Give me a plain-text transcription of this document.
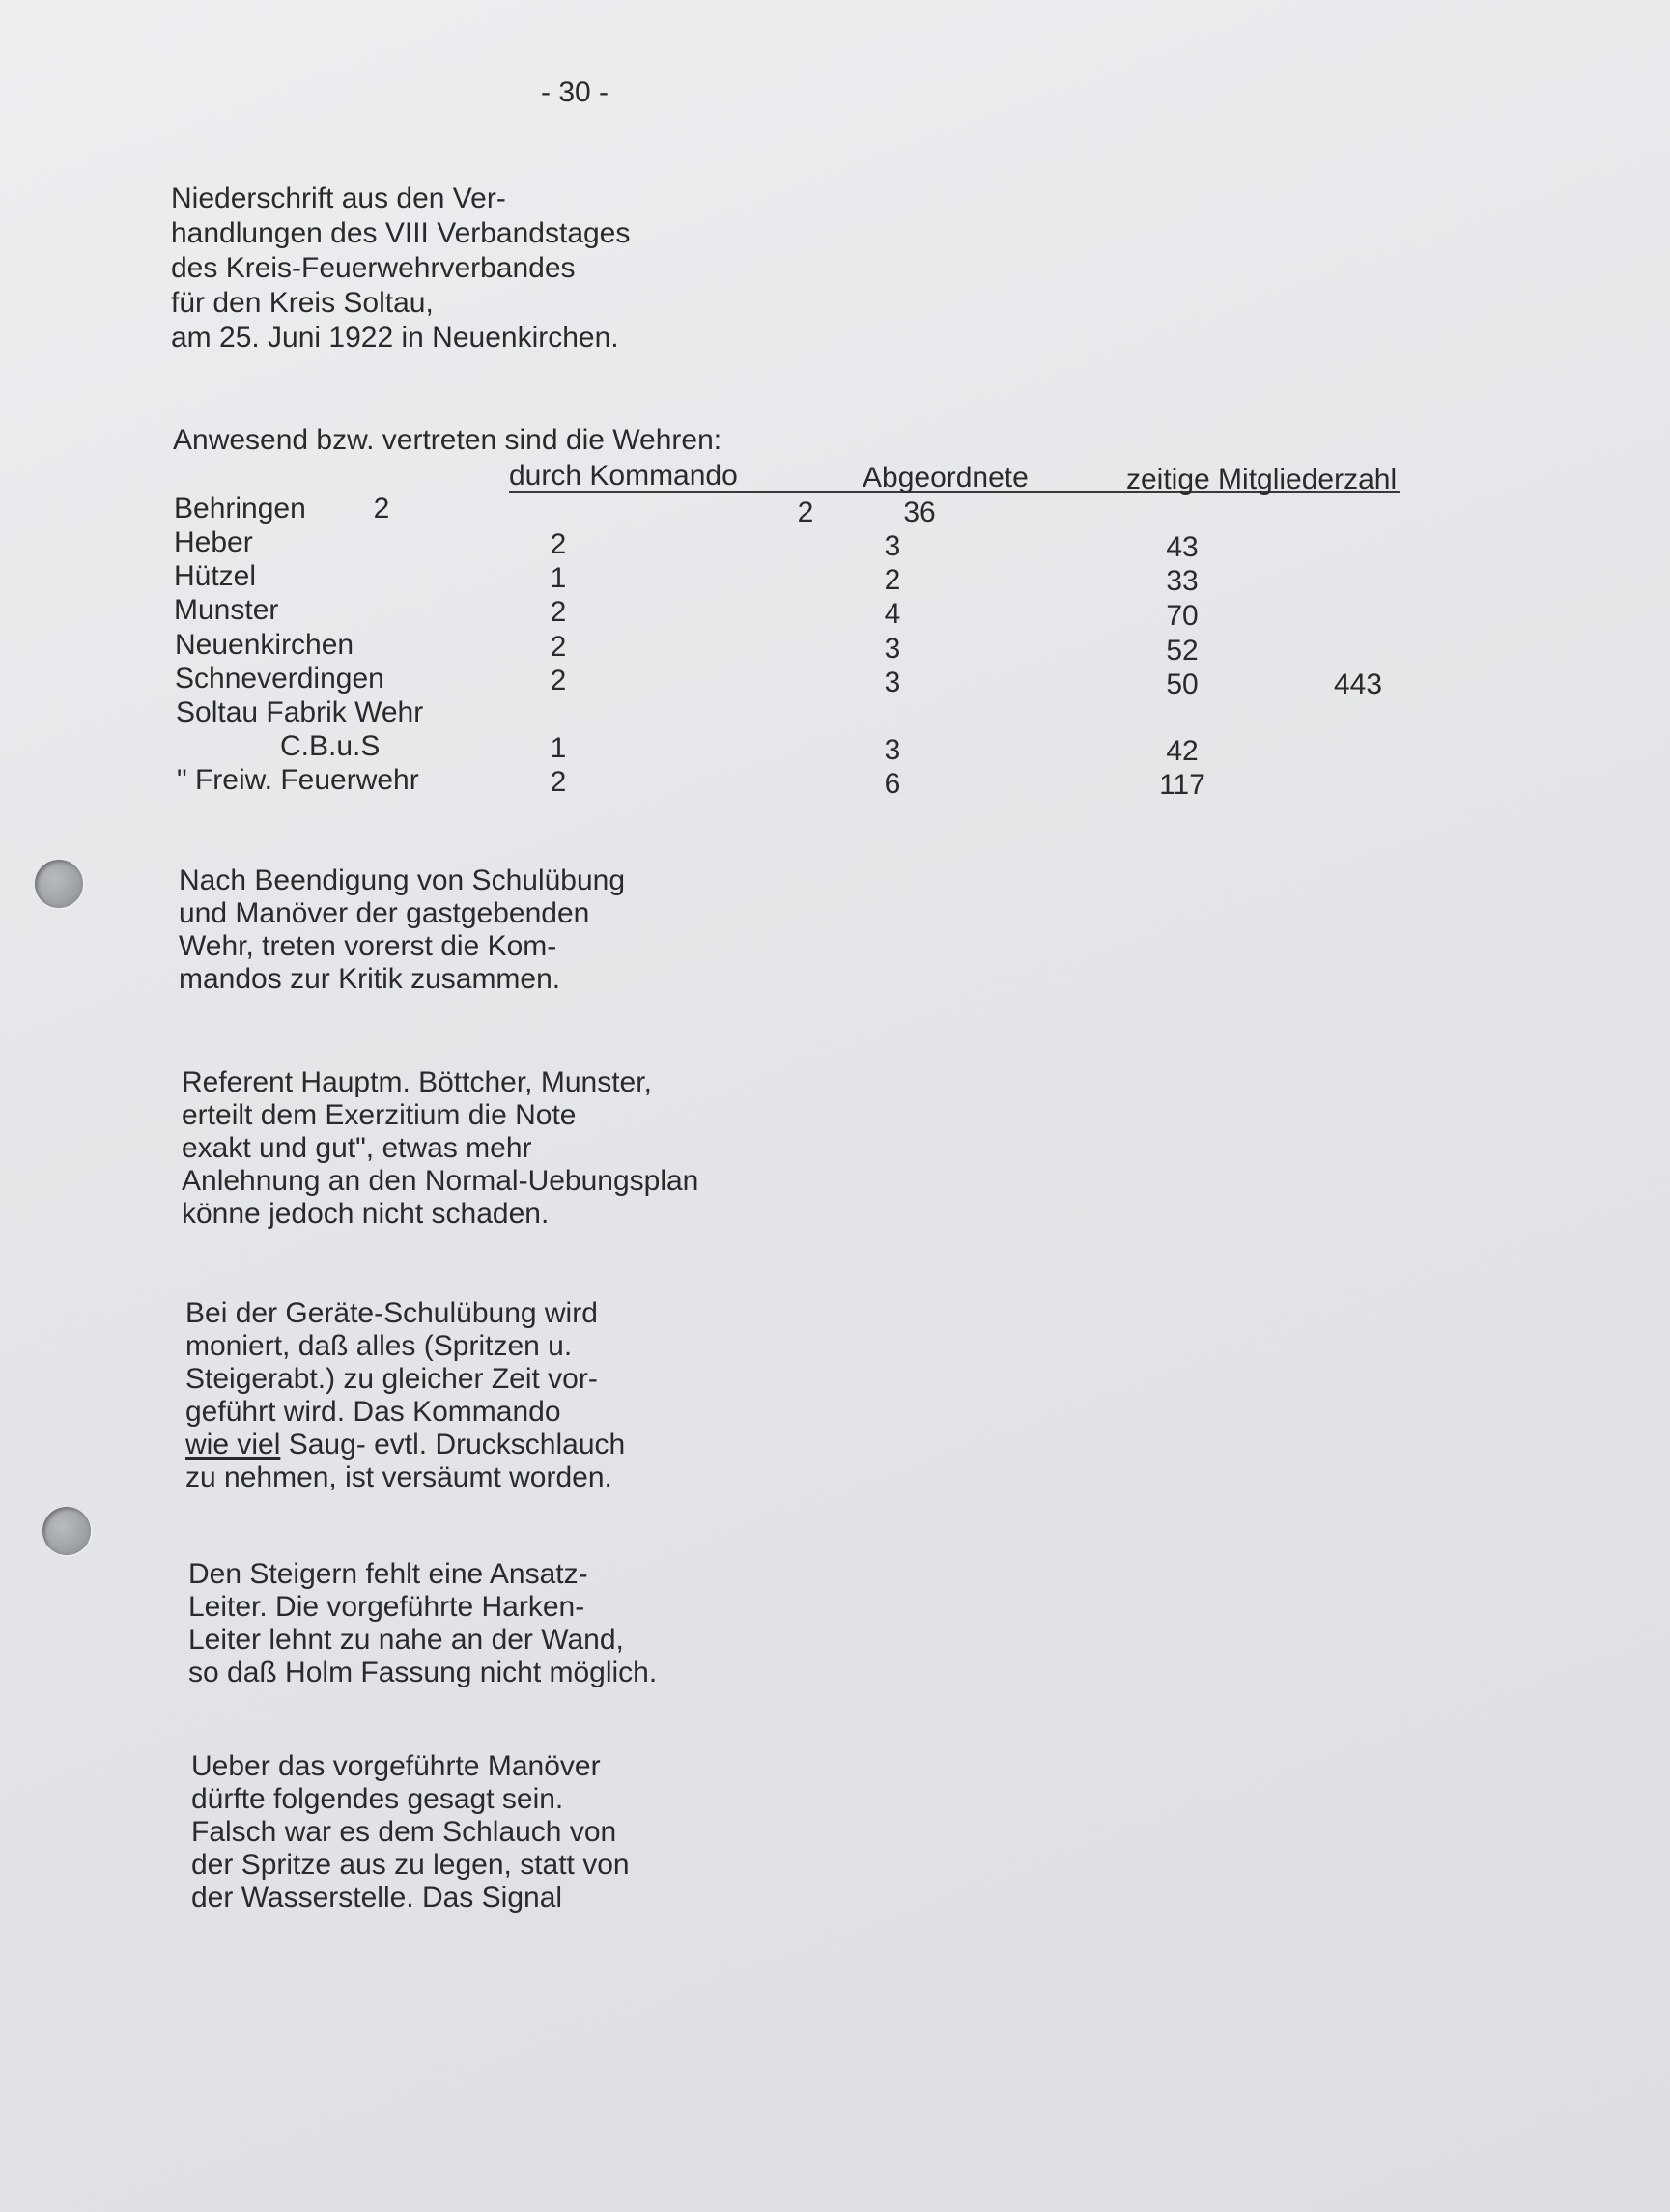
- 30 -
Niederschrift aus den Ver-
handlungen des VIII Verbandstages
des Kreis-Feuerwehrverbandes
für den Kreis Soltau,
am 25. Juni 1922 in Neuenkirchen.
Anwesend bzw. vertreten sind die Wehren:
durch Kommando	Abgeordnete	zeitige Mitgliederzahl
Behringen	2	2	36
Heber	2	3	43
Hützel	1	2	33
Munster	2	4	70
Neuenkirchen	2	3	52
Schneverdingen	2	3	50	443
Soltau Fabrik Wehr
C.B.u.S	1	3	42
" Freiw. Feuerwehr	2	6	117
Nach Beendigung von Schulübung
und Manöver der gastgebenden
Wehr, treten vorerst die Kom-
mandos zur Kritik zusammen.
Referent Hauptm. Böttcher, Munster,
erteilt dem Exerzitium die Note
exakt und gut", etwas mehr
Anlehnung an den Normal-Uebungsplan
könne jedoch nicht schaden.
Bei der Geräte-Schulübung wird
moniert, daß alles (Spritzen u.
Steigerabt.) zu gleicher Zeit vor-
geführt wird. Das Kommando
wie viel Saug- evtl. Druckschlauch
zu nehmen, ist versäumt worden.
Den Steigern fehlt eine Ansatz-
Leiter. Die vorgeführte Harken-
Leiter lehnt zu nahe an der Wand,
so daß Holm Fassung nicht möglich.
Ueber das vorgeführte Manöver
dürfte folgendes gesagt sein.
Falsch war es dem Schlauch von
der Spritze aus zu legen, statt von
der Wasserstelle. Das Signal
